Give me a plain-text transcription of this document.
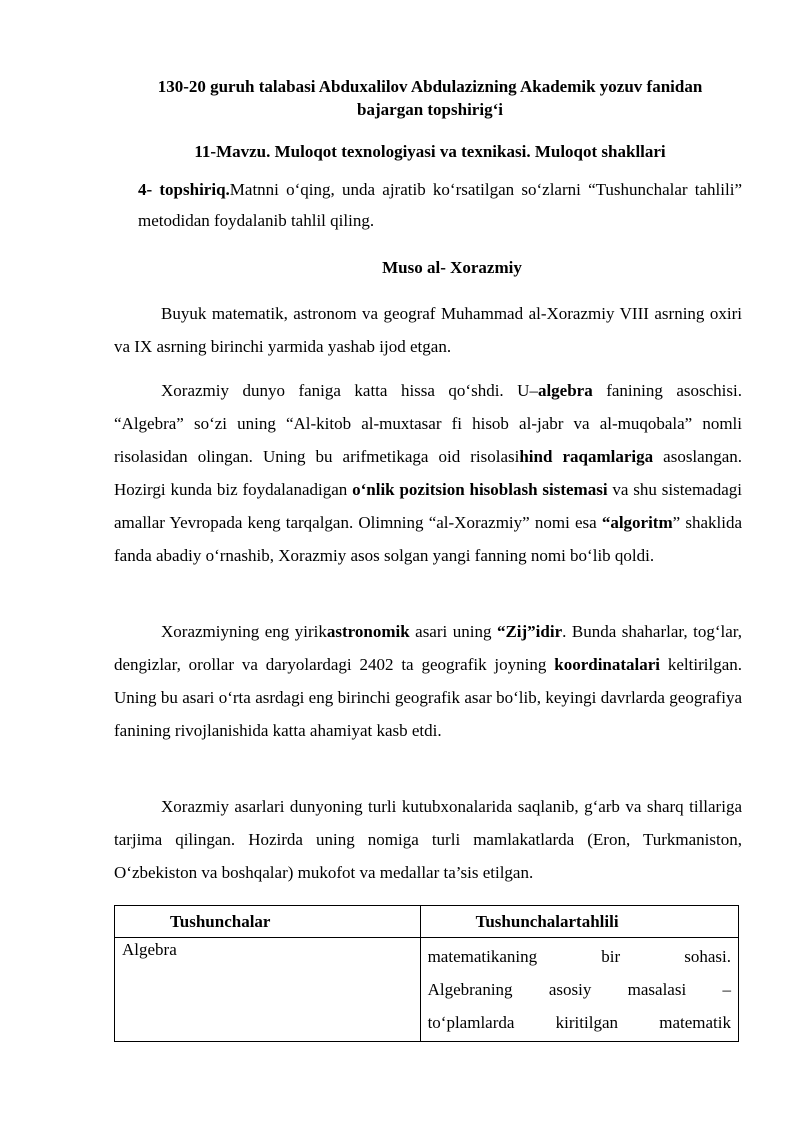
130-20 guruh talabasi Abduxalilov Abdulazizning Akademik yozuv fanidan
bajargan topshirig‘i
11-Mavzu. Muloqot texnologiyasi va texnikasi. Muloqot shakllari
4- topshiriq.Matnni o‘qing, unda ajratib ko‘rsatilgan so‘zlarni “Tushunchalar tahlili” metodidan foydalanib tahlil qiling.
Muso al- Xorazmiy
Buyuk matematik, astronom va geograf Muhammad al-Xorazmiy VIII asrning oxiri va IX asrning birinchi yarmida yashab ijod etgan.
Xorazmiy dunyo faniga katta hissa qo‘shdi. U–algebra fanining asoschisi. “Algebra” so‘zi uning “Al-kitob al-muxtasar fi hisob al-jabr va al-muqobala” nomli risolasidan olingan. Uning bu arifmetikaga oid risolasihind raqamlariga asoslangan. Hozirgi kunda biz foydalanadigan o‘nlik pozitsion hisoblash sistemasi va shu sistemadagi amallar Yevropada keng tarqalgan. Olimning “al-Xorazmiy” nomi esa “algoritm” shaklida fanda abadiy o‘rnashib, Xorazmiy asos solgan yangi fanning nomi bo‘lib qoldi.
Xorazmiyning eng yirikastronomik asari uning “Zij”idir. Bunda shaharlar, tog‘lar, dengizlar, orollar va daryolardagi 2402 ta geografik joyning koordinatalari keltirilgan. Uning bu asari o‘rta asrdagi eng birinchi geografik asar bo‘lib, keyingi davrlarda geografiya fanining rivojlanishida katta ahamiyat kasb etdi.
Xorazmiy asarlari dunyoning turli kutubxonalarida saqlanib, g‘arb va sharq tillariga tarjima qilingan. Hozirda uning nomiga turli mamlakatlarda (Eron, Turkmaniston, O‘zbekiston va boshqalar) mukofot va medallar ta’sis etilgan.
Tushunchalar	Tushunchalartahlili
Algebra	matematikaning bir sohasi.
Algebraning asosiy masalasi –
to‘plamlarda kiritilgan matematik
